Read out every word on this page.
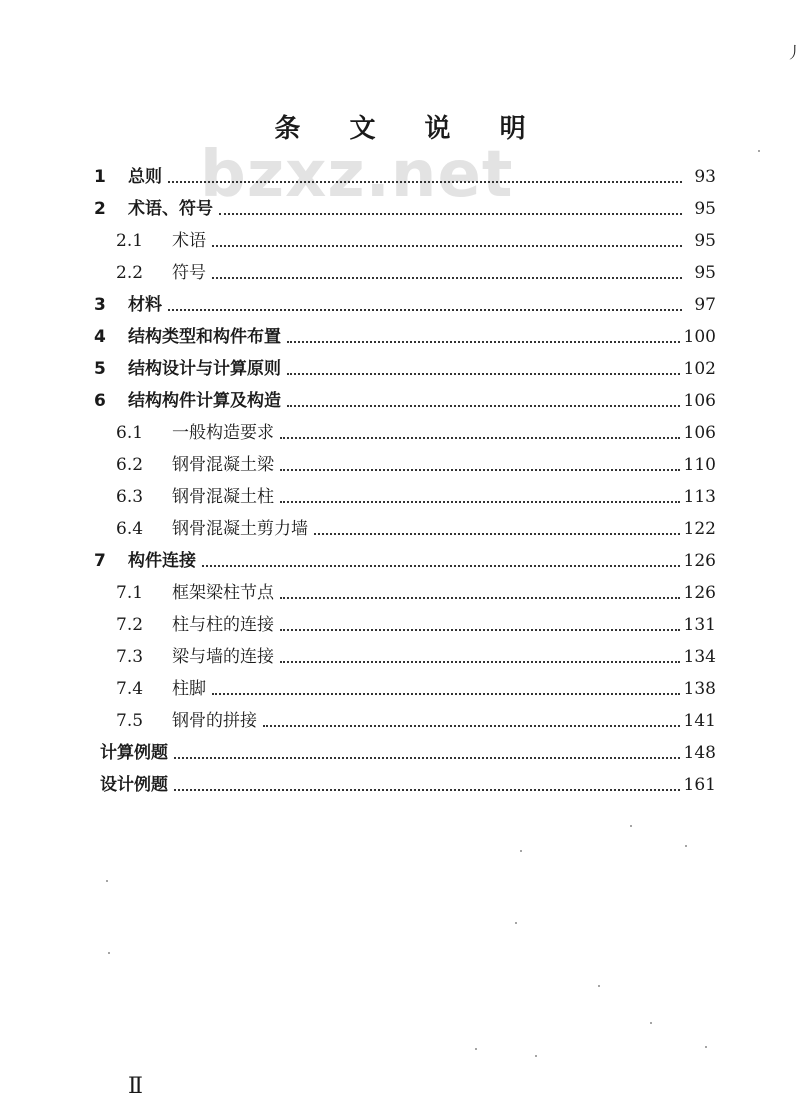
bzxz.net
丿
条 文 说 明
1	总则	93
2	术语、符号	95
2.1	术语	95
2.2	符号	95
3	材料	97
4	结构类型和构件布置	100
5	结构设计与计算原则	102
6	结构构件计算及构造	106
6.1	一般构造要求	106
6.2	钢骨混凝土梁	110
6.3	钢骨混凝土柱	113
6.4	钢骨混凝土剪力墙	122
7	构件连接	126
7.1	框架梁柱节点	126
7.2	柱与柱的连接	131
7.3	梁与墙的连接	134
7.4	柱脚	138
7.5	钢骨的拼接	141
计算例题	148
设计例题	161
Ⅱ
